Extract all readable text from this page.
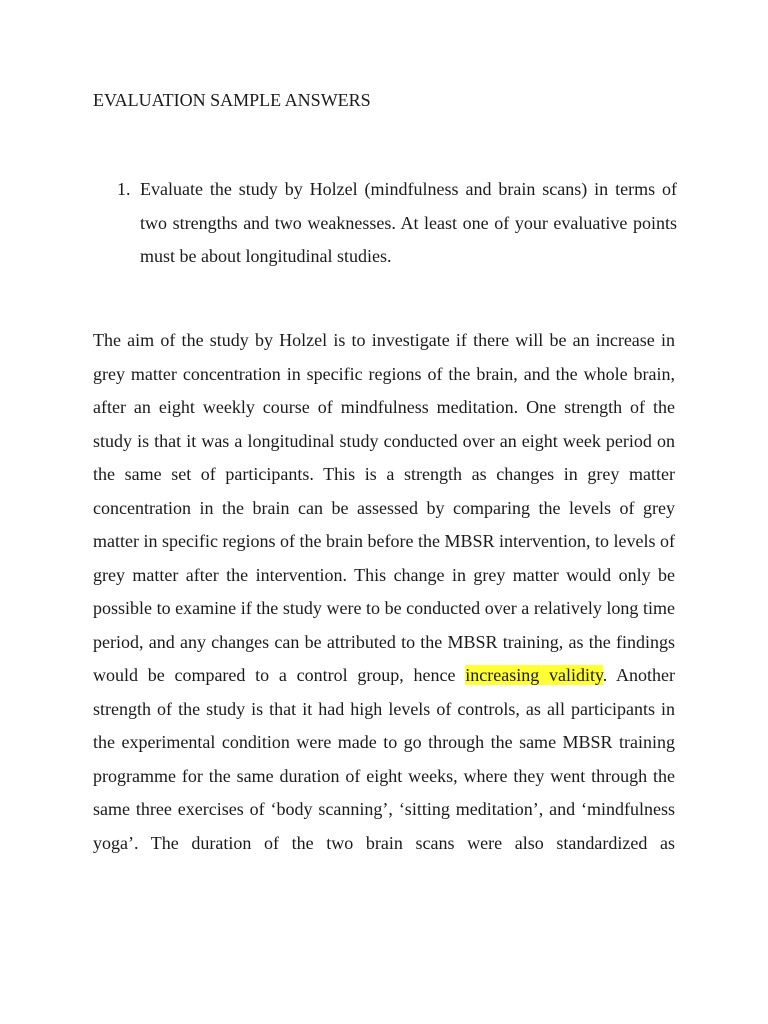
EVALUATION SAMPLE ANSWERS
1. Evaluate the study by Holzel (mindfulness and brain scans) in terms of two strengths and two weaknesses. At least one of your evaluative points must be about longitudinal studies.

The aim of the study by Holzel is to investigate if there will be an increase in grey matter concentration in specific regions of the brain, and the whole brain, after an eight weekly course of mindfulness meditation. One strength of the study is that it was a longitudinal study conducted over an eight week period on the same set of participants. This is a strength as changes in grey matter concentration in the brain can be assessed by comparing the levels of grey matter in specific regions of the brain before the MBSR intervention, to levels of grey matter after the intervention. This change in grey matter would only be possible to examine if the study were to be conducted over a relatively long time period, and any changes can be attributed to the MBSR training, as the findings would be compared to a control group, hence increasing validity. Another strength of the study is that it had high levels of controls, as all participants in the experimental condition were made to go through the same MBSR training programme for the same duration of eight weeks, where they went through the same three exercises of ‘body scanning’, ‘sitting meditation’, and ‘mindfulness yoga’. The duration of the two brain scans were also standardized as
